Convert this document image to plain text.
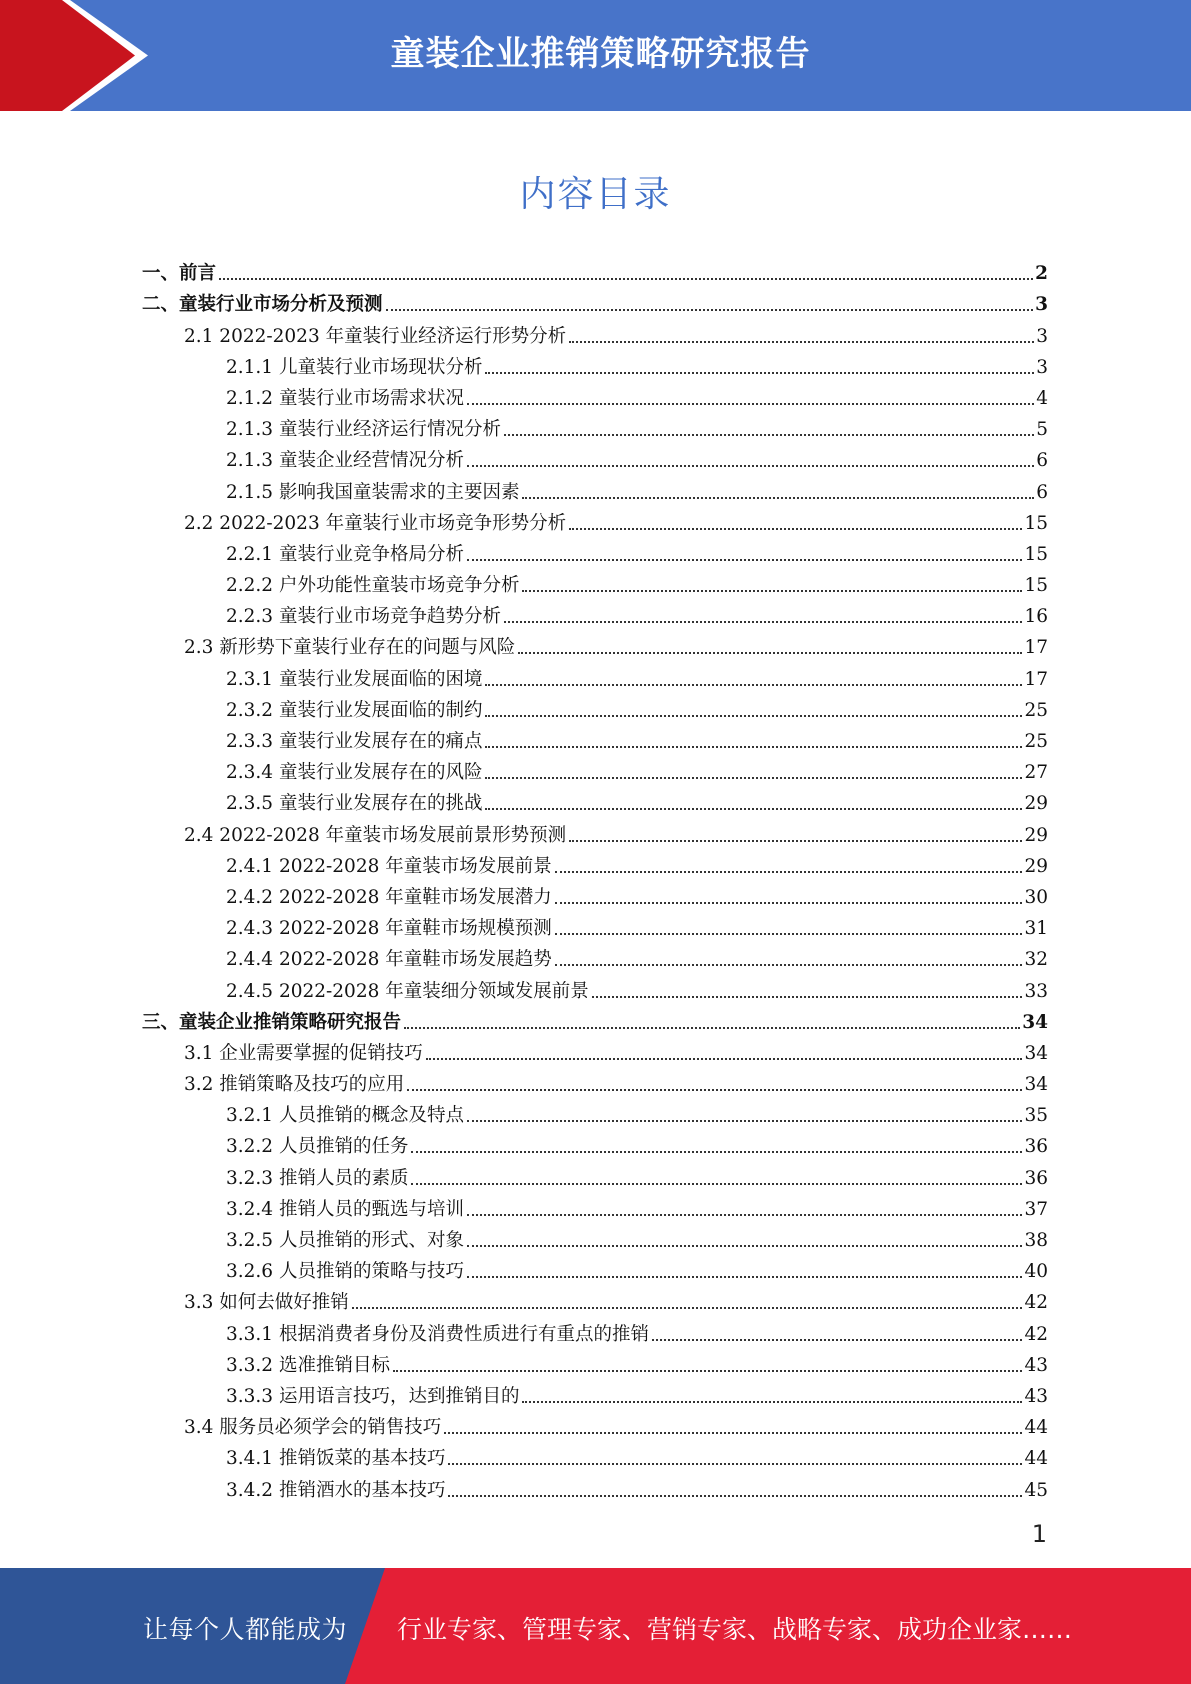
童装企业推销策略研究报告
内容目录
一、前言	2
二、童装行业市场分析及预测	3
2.1 2022-2023 年童装行业经济运行形势分析	3
2.1.1 儿童装行业市场现状分析	3
2.1.2 童装行业市场需求状况	4
2.1.3 童装行业经济运行情况分析	5
2.1.3 童装企业经营情况分析	6
2.1.5 影响我国童装需求的主要因素	6
2.2 2022-2023 年童装行业市场竞争形势分析	15
2.2.1 童装行业竞争格局分析	15
2.2.2 户外功能性童装市场竞争分析	15
2.2.3 童装行业市场竞争趋势分析	16
2.3 新形势下童装行业存在的问题与风险	17
2.3.1 童装行业发展面临的困境	17
2.3.2 童装行业发展面临的制约	25
2.3.3 童装行业发展存在的痛点	25
2.3.4 童装行业发展存在的风险	27
2.3.5 童装行业发展存在的挑战	29
2.4 2022-2028 年童装市场发展前景形势预测	29
2.4.1 2022-2028 年童装市场发展前景	29
2.4.2 2022-2028 年童鞋市场发展潜力	30
2.4.3 2022-2028 年童鞋市场规模预测	31
2.4.4 2022-2028 年童鞋市场发展趋势	32
2.4.5 2022-2028 年童装细分领域发展前景	33
三、童装企业推销策略研究报告	34
3.1 企业需要掌握的促销技巧	34
3.2 推销策略及技巧的应用	34
3.2.1 人员推销的概念及特点	35
3.2.2 人员推销的任务	36
3.2.3 推销人员的素质	36
3.2.4 推销人员的甄选与培训	37
3.2.5 人员推销的形式、对象	38
3.2.6 人员推销的策略与技巧	40
3.3 如何去做好推销	42
3.3.1 根据消费者身份及消费性质进行有重点的推销	42
3.3.2 选准推销目标	43
3.3.3 运用语言技巧，达到推销目的	43
3.4 服务员必须学会的销售技巧	44
3.4.1 推销饭菜的基本技巧	44
3.4.2 推销酒水的基本技巧	45
1
让每个人都能成为 行业专家、管理专家、营销专家、战略专家、成功企业家……
